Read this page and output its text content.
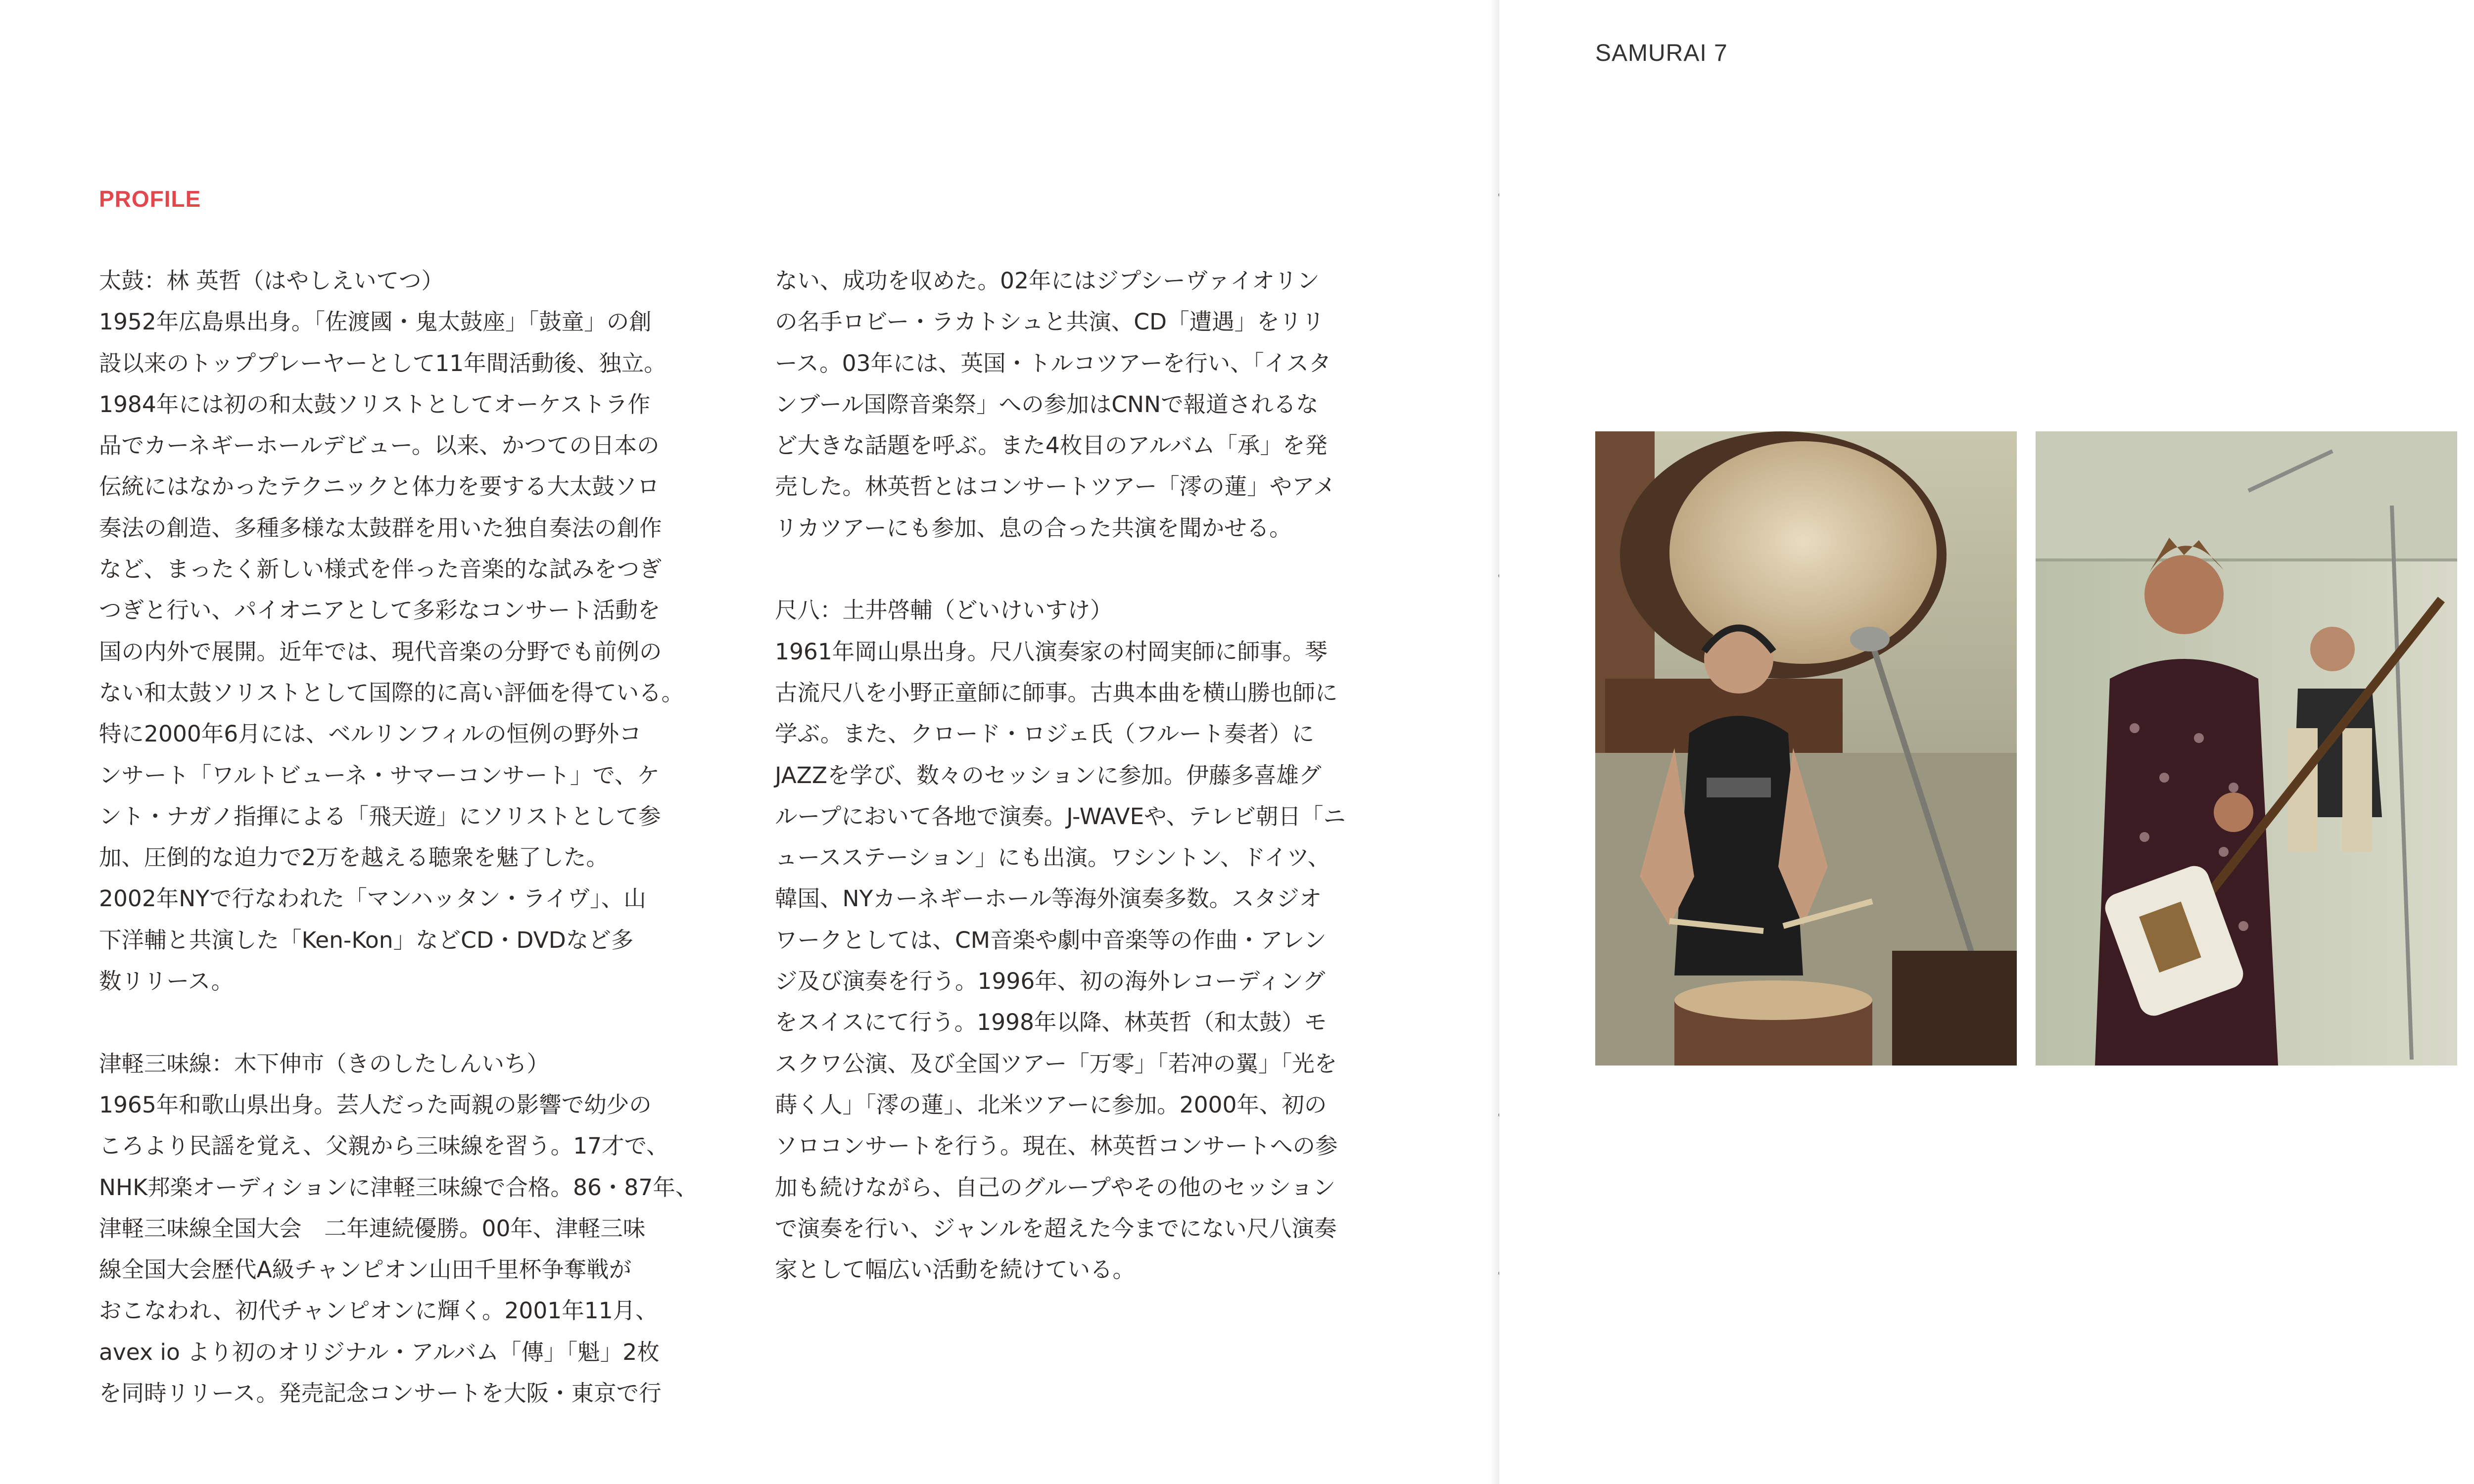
PROFILE

太鼓：林 英哲（はやしえいてつ）

1952年広島県出身。「佐渡國・鬼太鼓座」「鼓童」の創

設以来のトッププレーヤーとして11年間活動後、独立。

1984年には初の和太鼓ソリストとしてオーケストラ作

品でカーネギーホールデビュー。以来、かつての日本の

伝統にはなかったテクニックと体力を要する大太鼓ソロ

奏法の創造、多種多様な太鼓群を用いた独自奏法の創作

など、まったく新しい様式を伴った音楽的な試みをつぎ

つぎと行い、パイオニアとして多彩なコンサート活動を

国の内外で展開。近年では、現代音楽の分野でも前例の

ない和太鼓ソリストとして国際的に高い評価を得ている。

特に2000年6月には、ベルリンフィルの恒例の野外コ

ンサート「ワルトビューネ・サマーコンサート」で、ケ

ント・ナガノ指揮による「飛天遊」にソリストとして参

加、圧倒的な迫力で2万を越える聴衆を魅了した。

2002年NYで行なわれた「マンハッタン・ライヴ」、山

下洋輔と共演した「Ken-Kon」などCD・DVDなど多

数リリース。

津軽三味線：木下伸市（きのしたしんいち）

1965年和歌山県出身。芸人だった両親の影響で幼少の

ころより民謡を覚え、父親から三味線を習う。17才で、

NHK邦楽オーディションに津軽三味線で合格。86・87年、

津軽三味線全国大会　二年連続優勝。00年、津軽三味

線全国大会歴代A級チャンピオン山田千里杯争奪戦が

おこなわれ、初代チャンピオンに輝く。2001年11月、

avex io より初のオリジナル・アルバム「傳」「魁」2枚

を同時リリース。発売記念コンサートを大阪・東京で行

ない、成功を収めた。02年にはジプシーヴァイオリン

の名手ロビー・ラカトシュと共演、CD「遭遇」をリリ

ース。03年には、英国・トルコツアーを行い、「イスタ

ンブール国際音楽祭」への参加はCNNで報道されるな

ど大きな話題を呼ぶ。また4枚目のアルバム「承」を発

売した。林英哲とはコンサートツアー「澪の蓮」やアメ

リカツアーにも参加、息の合った共演を聞かせる。

尺八：土井啓輔（どいけいすけ）

1961年岡山県出身。尺八演奏家の村岡実師に師事。琴

古流尺八を小野正童師に師事。古典本曲を横山勝也師に

学ぶ。また、クロード・ロジェ氏（フルート奏者）に

JAZZを学び、数々のセッションに参加。伊藤多喜雄グ

ループにおいて各地で演奏。J-WAVEや、テレビ朝日「ニ

ュースステーション」にも出演。ワシントン、ドイツ、

韓国、NYカーネギーホール等海外演奏多数。スタジオ

ワークとしては、CM音楽や劇中音楽等の作曲・アレン

ジ及び演奏を行う。1996年、初の海外レコーディング

をスイスにて行う。1998年以降、林英哲（和太鼓）モ

スクワ公演、及び全国ツアー「万零」「若冲の翼」「光を

蒔く人」「澪の蓮」、北米ツアーに参加。2000年、初の

ソロコンサートを行う。現在、林英哲コンサートへの参

加も続けながら、自己のグループやその他のセッション

で演奏を行い、ジャンルを超えた今までにない尺八演奏

家として幅広い活動を続けている。

SAMURAI 7
